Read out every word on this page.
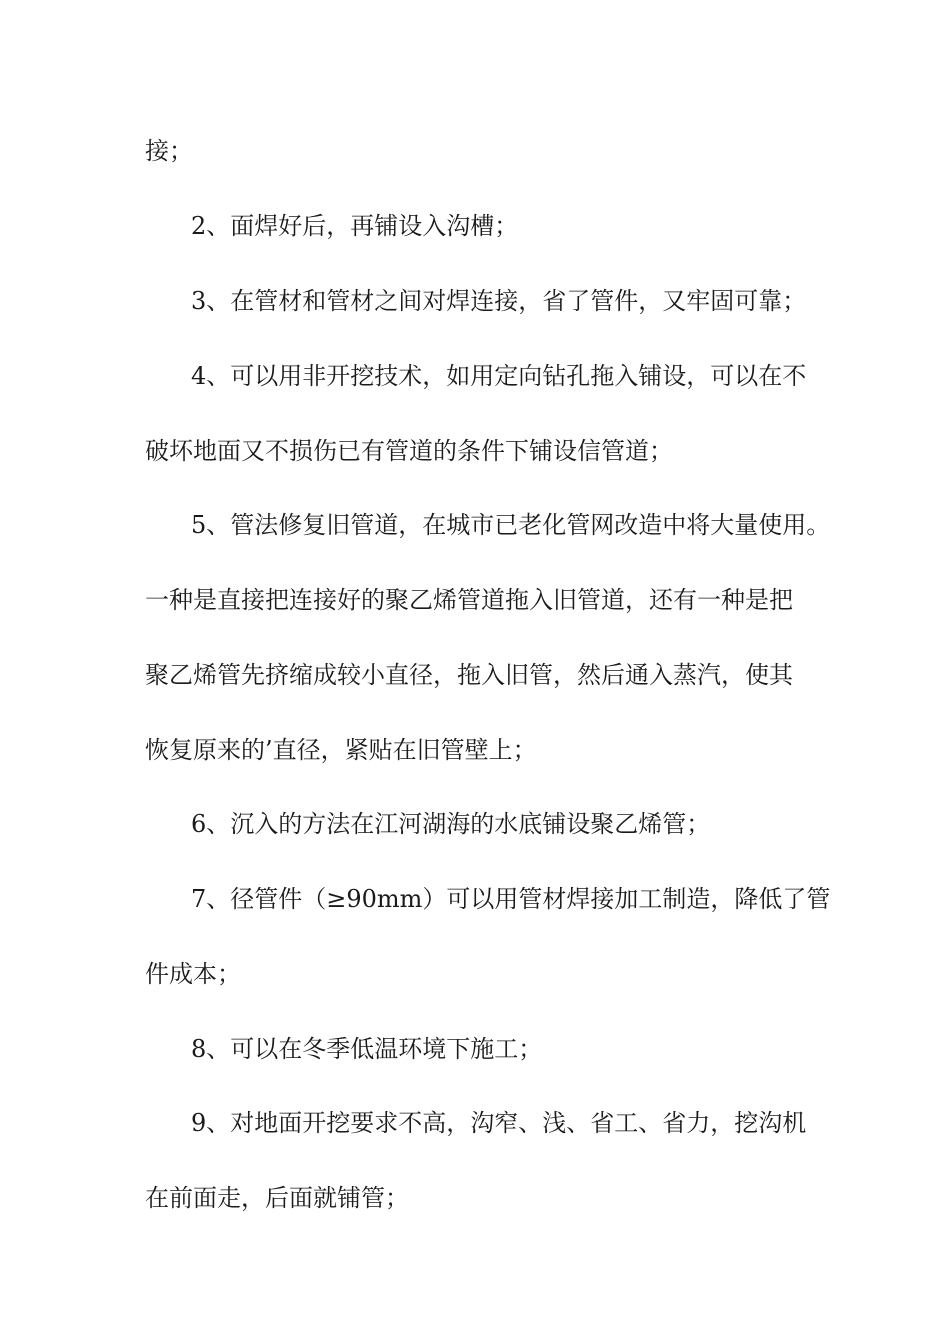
接；
2、面焊好后，再铺设入沟槽；
3、在管材和管材之间对焊连接，省了管件，又牢固可靠；
4、可以用非开挖技术，如用定向钻孔拖入铺设，可以在不
破坏地面又不损伤已有管道的条件下铺设信管道；
5、管法修复旧管道，在城市已老化管网改造中将大量使用。
一种是直接把连接好的聚乙烯管道拖入旧管道，还有一种是把
聚乙烯管先挤缩成较小直径，拖入旧管，然后通入蒸汽，使其
恢复原来的’直径，紧贴在旧管壁上；
6、沉入的方法在江河湖海的水底铺设聚乙烯管；
7、径管件（≥90mm）可以用管材焊接加工制造，降低了管
件成本；
8、可以在冬季低温环境下施工；
9、对地面开挖要求不高，沟窄、浅、省工、省力，挖沟机
在前面走，后面就铺管；
